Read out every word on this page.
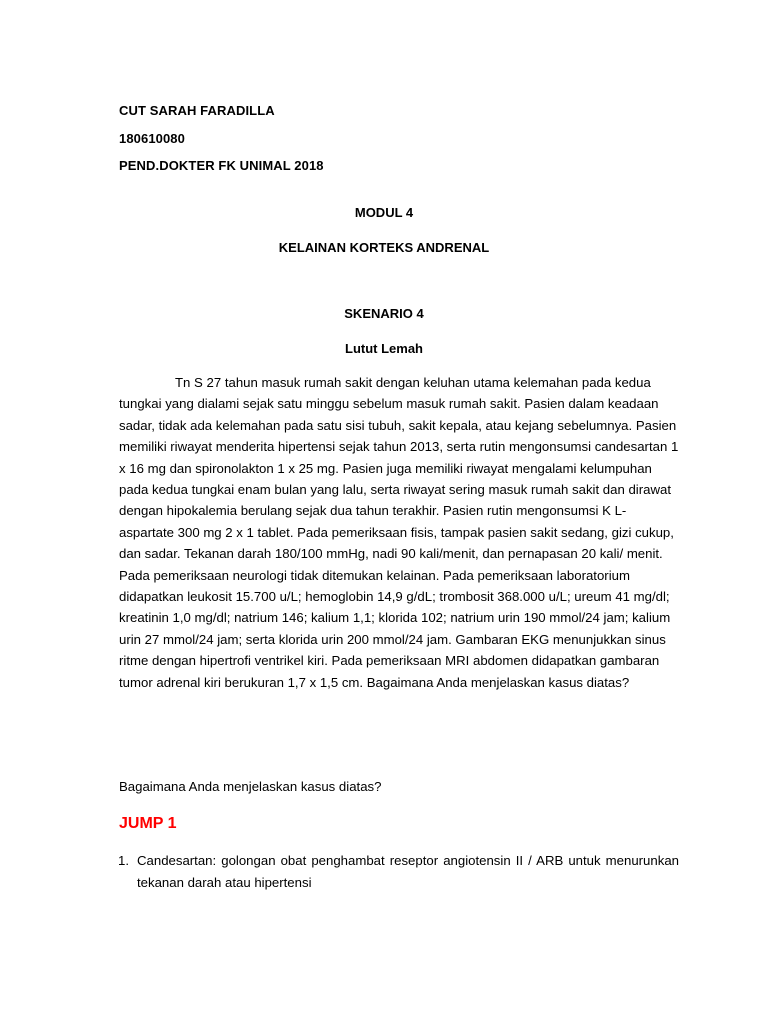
CUT SARAH FARADILLA
180610080
PEND.DOKTER FK UNIMAL 2018
MODUL 4
KELAINAN KORTEKS ANDRENAL
SKENARIO 4
Lutut Lemah

Tn S 27 tahun masuk rumah sakit dengan keluhan utama kelemahan pada kedua tungkai yang dialami sejak satu minggu sebelum masuk rumah sakit. Pasien dalam keadaan sadar, tidak ada kelemahan pada satu sisi tubuh, sakit kepala, atau kejang sebelumnya. Pasien memiliki riwayat menderita hipertensi sejak tahun 2013, serta rutin mengonsumsi candesartan 1 x 16 mg dan spironolakton 1 x 25 mg. Pasien juga memiliki riwayat mengalami kelumpuhan pada kedua tungkai enam bulan yang lalu, serta riwayat sering masuk rumah sakit dan dirawat dengan hipokalemia berulang sejak dua tahun terakhir. Pasien rutin mengonsumsi K L-aspartate 300 mg 2 x 1 tablet. Pada pemeriksaan fisis, tampak pasien sakit sedang, gizi cukup, dan sadar. Tekanan darah 180/100 mmHg, nadi 90 kali/menit, dan pernapasan 20 kali/ menit. Pada pemeriksaan neurologi tidak ditemukan kelainan. Pada pemeriksaan laboratorium didapatkan leukosit 15.700 u/L; hemoglobin 14,9 g/dL; trombosit 368.000 u/L; ureum 41 mg/dl; kreatinin 1,0 mg/dl; natrium 146; kalium 1,1; klorida 102; natrium urin 190 mmol/24 jam; kalium urin 27 mmol/24 jam; serta klorida urin 200 mmol/24 jam. Gambaran EKG menunjukkan sinus ritme dengan hipertrofi ventrikel kiri. Pada pemeriksaan MRI abdomen didapatkan gambaran tumor adrenal kiri berukuran 1,7 x 1,5 cm. Bagaimana Anda menjelaskan kasus diatas?

Bagaimana Anda menjelaskan kasus diatas?

JUMP 1
1. Candesartan: golongan obat penghambat reseptor angiotensin II / ARB untuk menurunkan tekanan darah atau hipertensi
